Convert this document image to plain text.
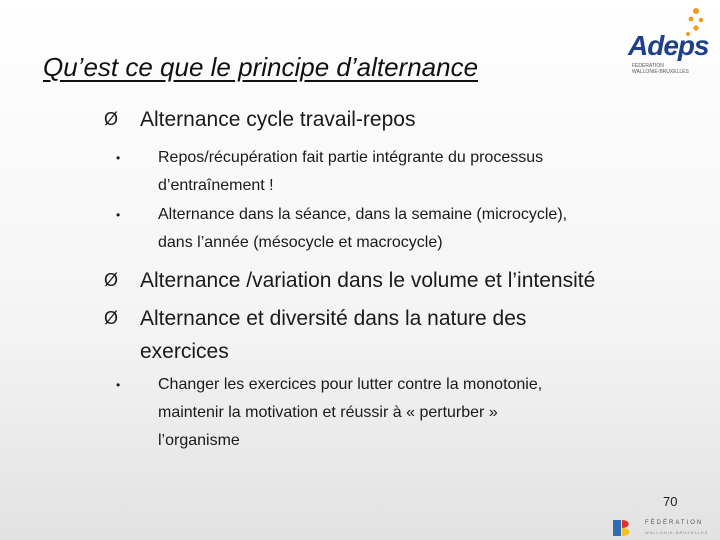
Qu’est ce que le principe d’alternance
Adeps
FÉDÉRATION WALLONIE-BRUXELLES
Ø Alternance cycle travail-repos
• Repos/récupération fait partie intégrante du processus
d’entraînement !
• Alternance dans la séance, dans la semaine (microcycle),
dans l’année (mésocycle et macrocycle)
Ø Alternance /variation dans le volume et l’intensité
Ø Alternance et diversité dans la nature des
exercices
• Changer les exercices pour lutter contre la monotonie,
maintenir la motivation et réussir à « perturber »
l’organisme
70
FÉDÉRATION
WALLONIE-BRUXELLES
